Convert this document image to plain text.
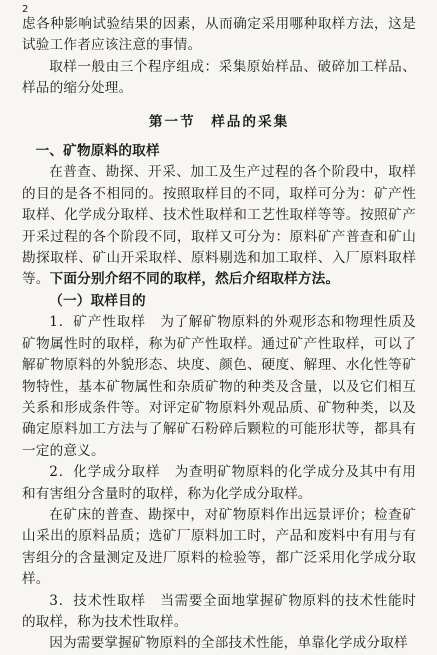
2

虑各种影响试验结果的因素，从而确定采用哪种取样方法，这是试验工作者应该注意的事情。

取样一般由三个程序组成：采集原始样品、破碎加工样品、样品的缩分处理。

第一节　样品的采集

一、矿物原料的取样

在普查、勘探、开采、加工及生产过程的各个阶段中，取样的目的是各不相同的。按照取样目的不同，取样可分为：矿产性取样、化学成分取样、技术性取样和工艺性取样等等。按照矿产开采过程的各个阶段不同，取样又可分为：原料矿产普查和矿山勘探取样、矿山开采取样、原料剔选和加工取样、入厂原料取样等。下面分别介绍不同的取样，然后介绍取样方法。

（一）取样目的

1．矿产性取样 为了解矿物原料的外观形态和物理性质及矿物属性时的取样，称为矿产性取样。通过矿产性取样，可以了解矿物原料的外貌形态、块度、颜色、硬度、解理、水化性等矿物特性，基本矿物属性和杂质矿物的种类及含量，以及它们相互关系和形成条件等。对评定矿物原料外观品质、矿物种类，以及确定原料加工方法与了解矿石粉碎后颗粒的可能形状等，都具有一定的意义。

2．化学成分取样 为查明矿物原料的化学成分及其中有用和有害组分含量时的取样，称为化学成分取样。

在矿床的普查、勘探中，对矿物原料作出远景评价；检查矿山采出的原料品质；选矿厂原料加工时，产品和废料中有用与有害组分的含量测定及进厂原料的检验等，都广泛采用化学成分取样。

3．技术性取样 当需要全面地掌握矿物原料的技术性能时的取样，称为技术性取样。

因为需要掌握矿物原料的全部技术性能，单靠化学成分取样
